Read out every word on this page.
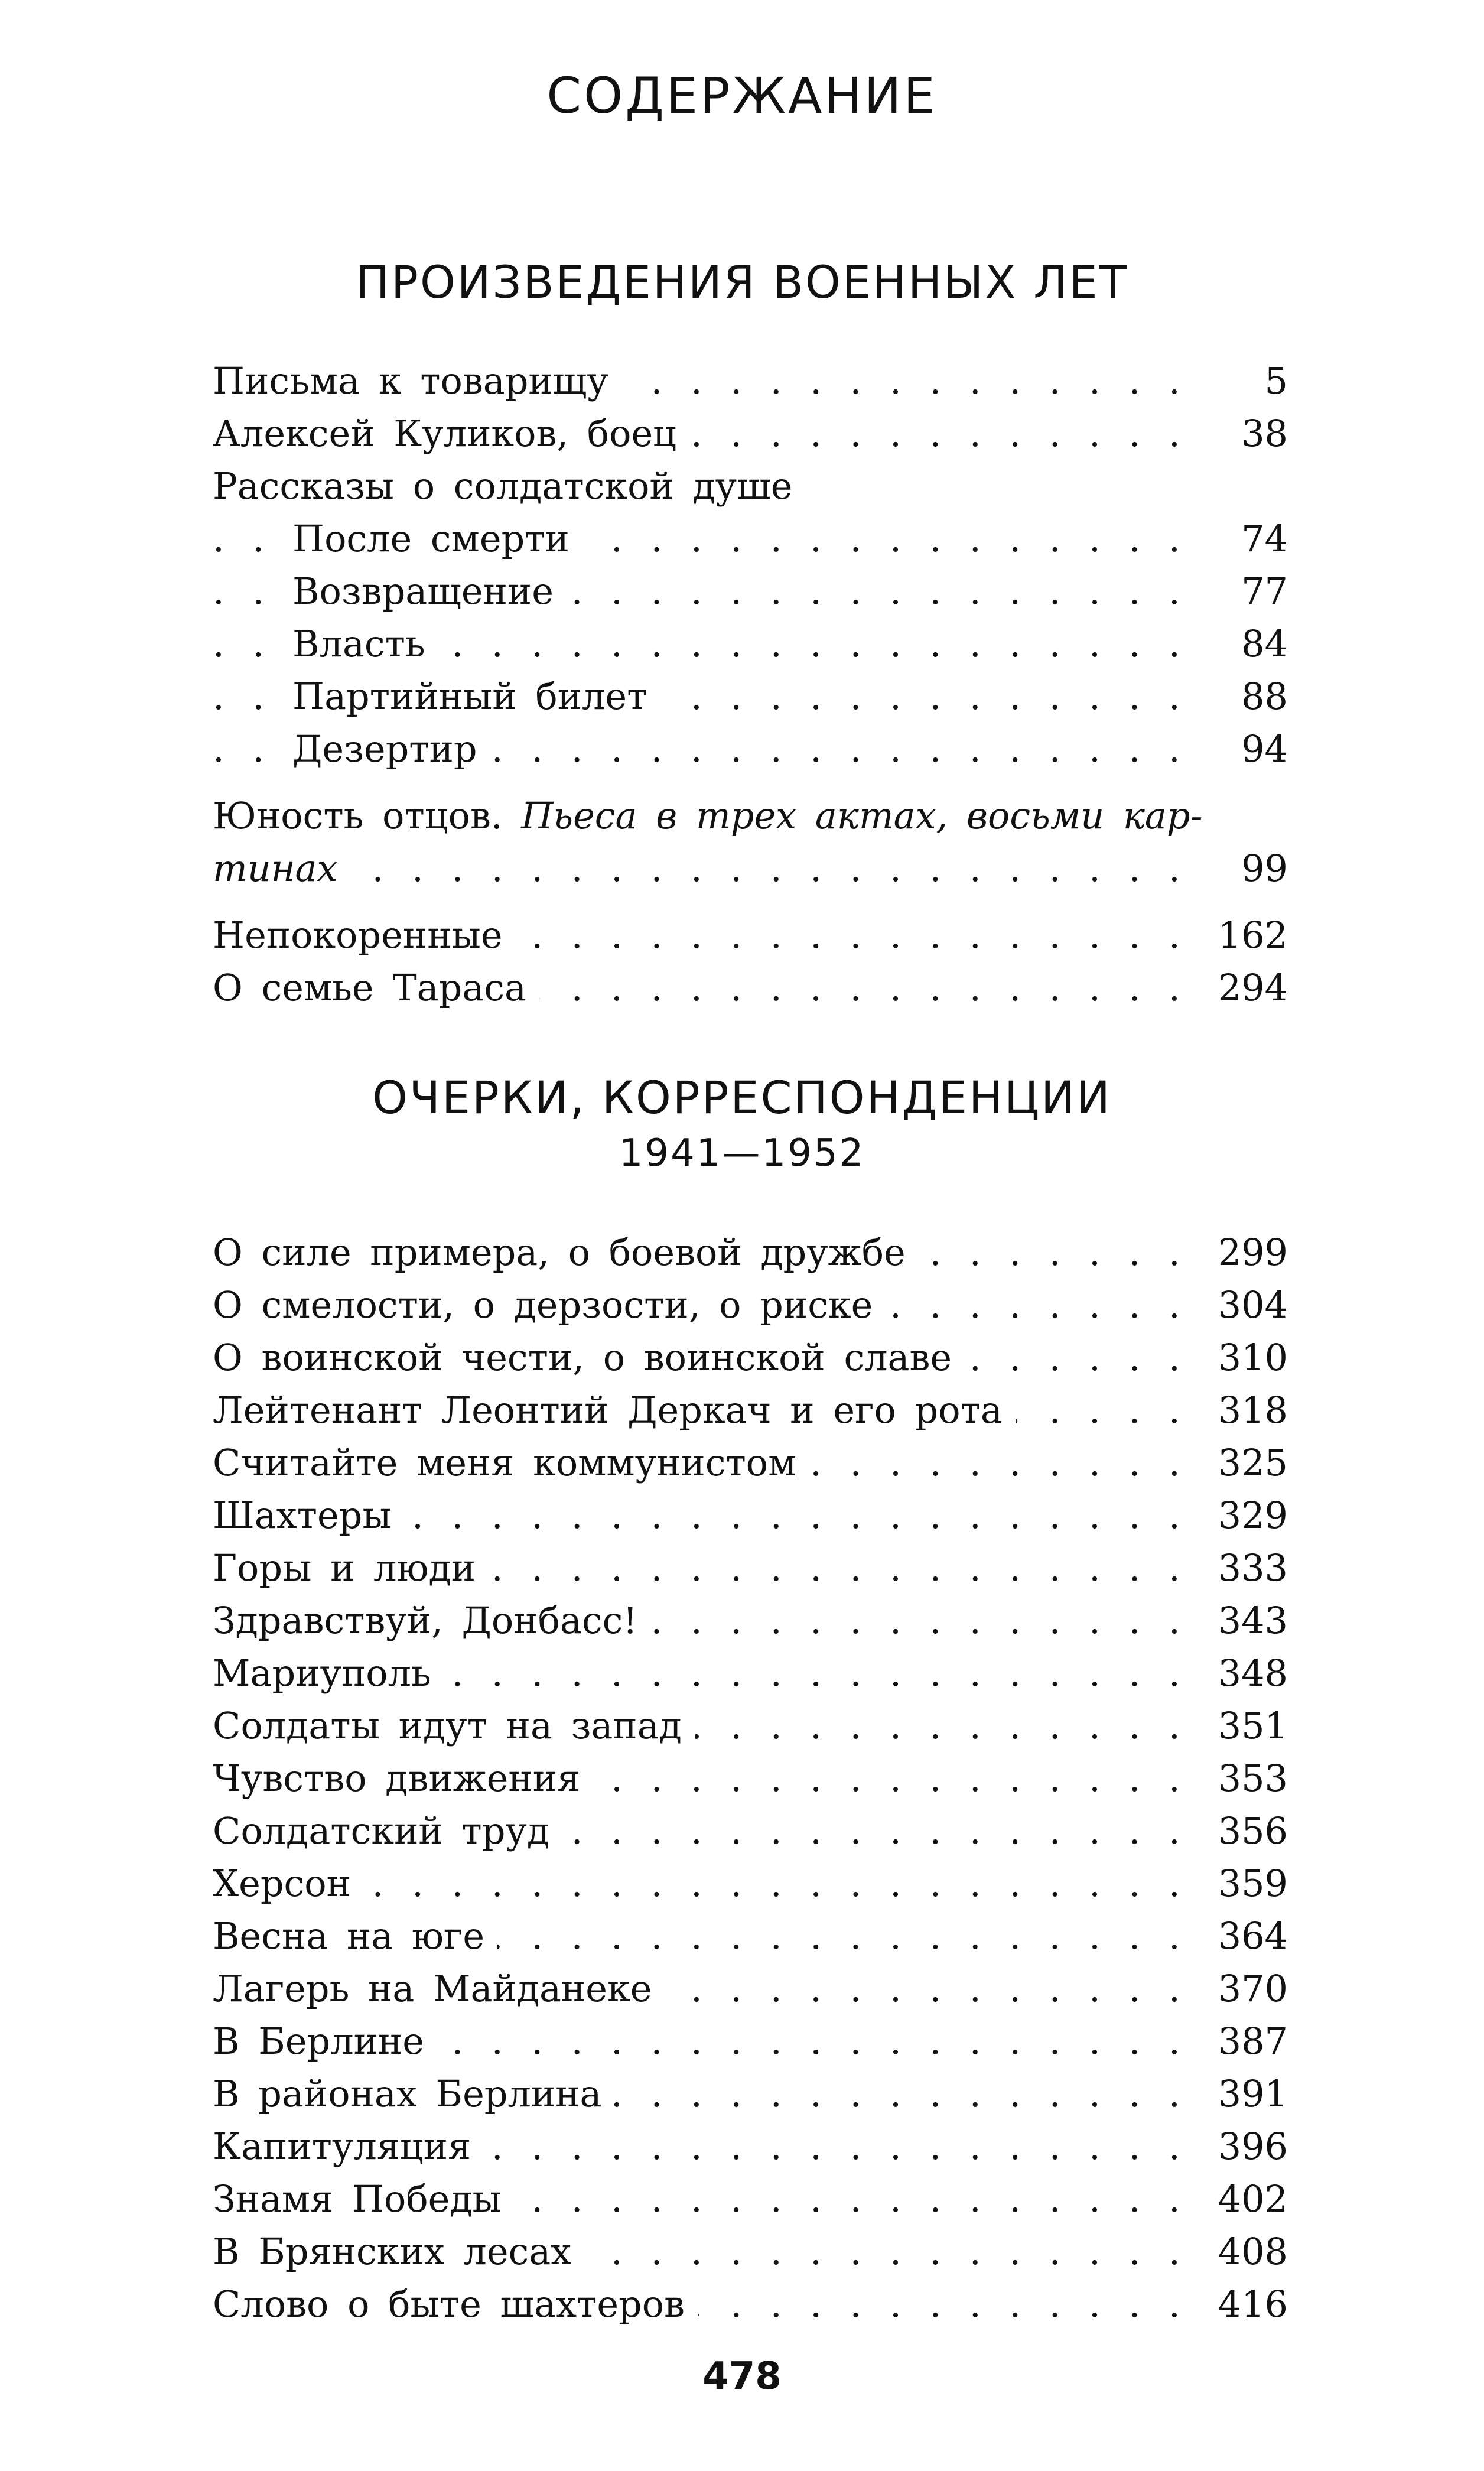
СОДЕРЖАНИЕ
ПРОИЗВЕДЕНИЯ ВОЕННЫХ ЛЕТ
. . .
Письма к товарищу	5
. . .
Алексей Куликов, боец	38
Рассказы о солдатской душе
. . .
После смерти	74
. . .
Возвращение	77
. . .
Власть	84
. . .
Партийный билет	88
. . .
Дезертир	94
Юность отцов. Пьеса в трех актах, восьми кар-
. . .
тинах	99
. . .
Непокоренные	162
. . .
О семье Тараса	294
ОЧЕРКИ, КОРРЕСПОНДЕНЦИИ
1941—1952
. . .
О силе примера, о боевой дружбе	299
. . .
О смелости, о дерзости, о риске	304
. . .
О воинской чести, о воинской славе	310
. . .
Лейтенант Леонтий Деркач и его рота	318
. . .
Считайте меня коммунистом	325
. . .
Шахтеры	329
. . .
Горы и люди	333
. . .
Здравствуй, Донбасс!	343
. . .
Мариуполь	348
. . .
Солдаты идут на запад	351
. . .
Чувство движения	353
. . .
Солдатский труд	356
. . .
Херсон	359
. . .
Весна на юге	364
. . .
Лагерь на Майданеке	370
. . .
В Берлине	387
. . .
В районах Берлина	391
. . .
Капитуляция	396
. . .
Знамя Победы	402
. . .
В Брянских лесах	408
. . .
Слово о быте шахтеров	416
478
